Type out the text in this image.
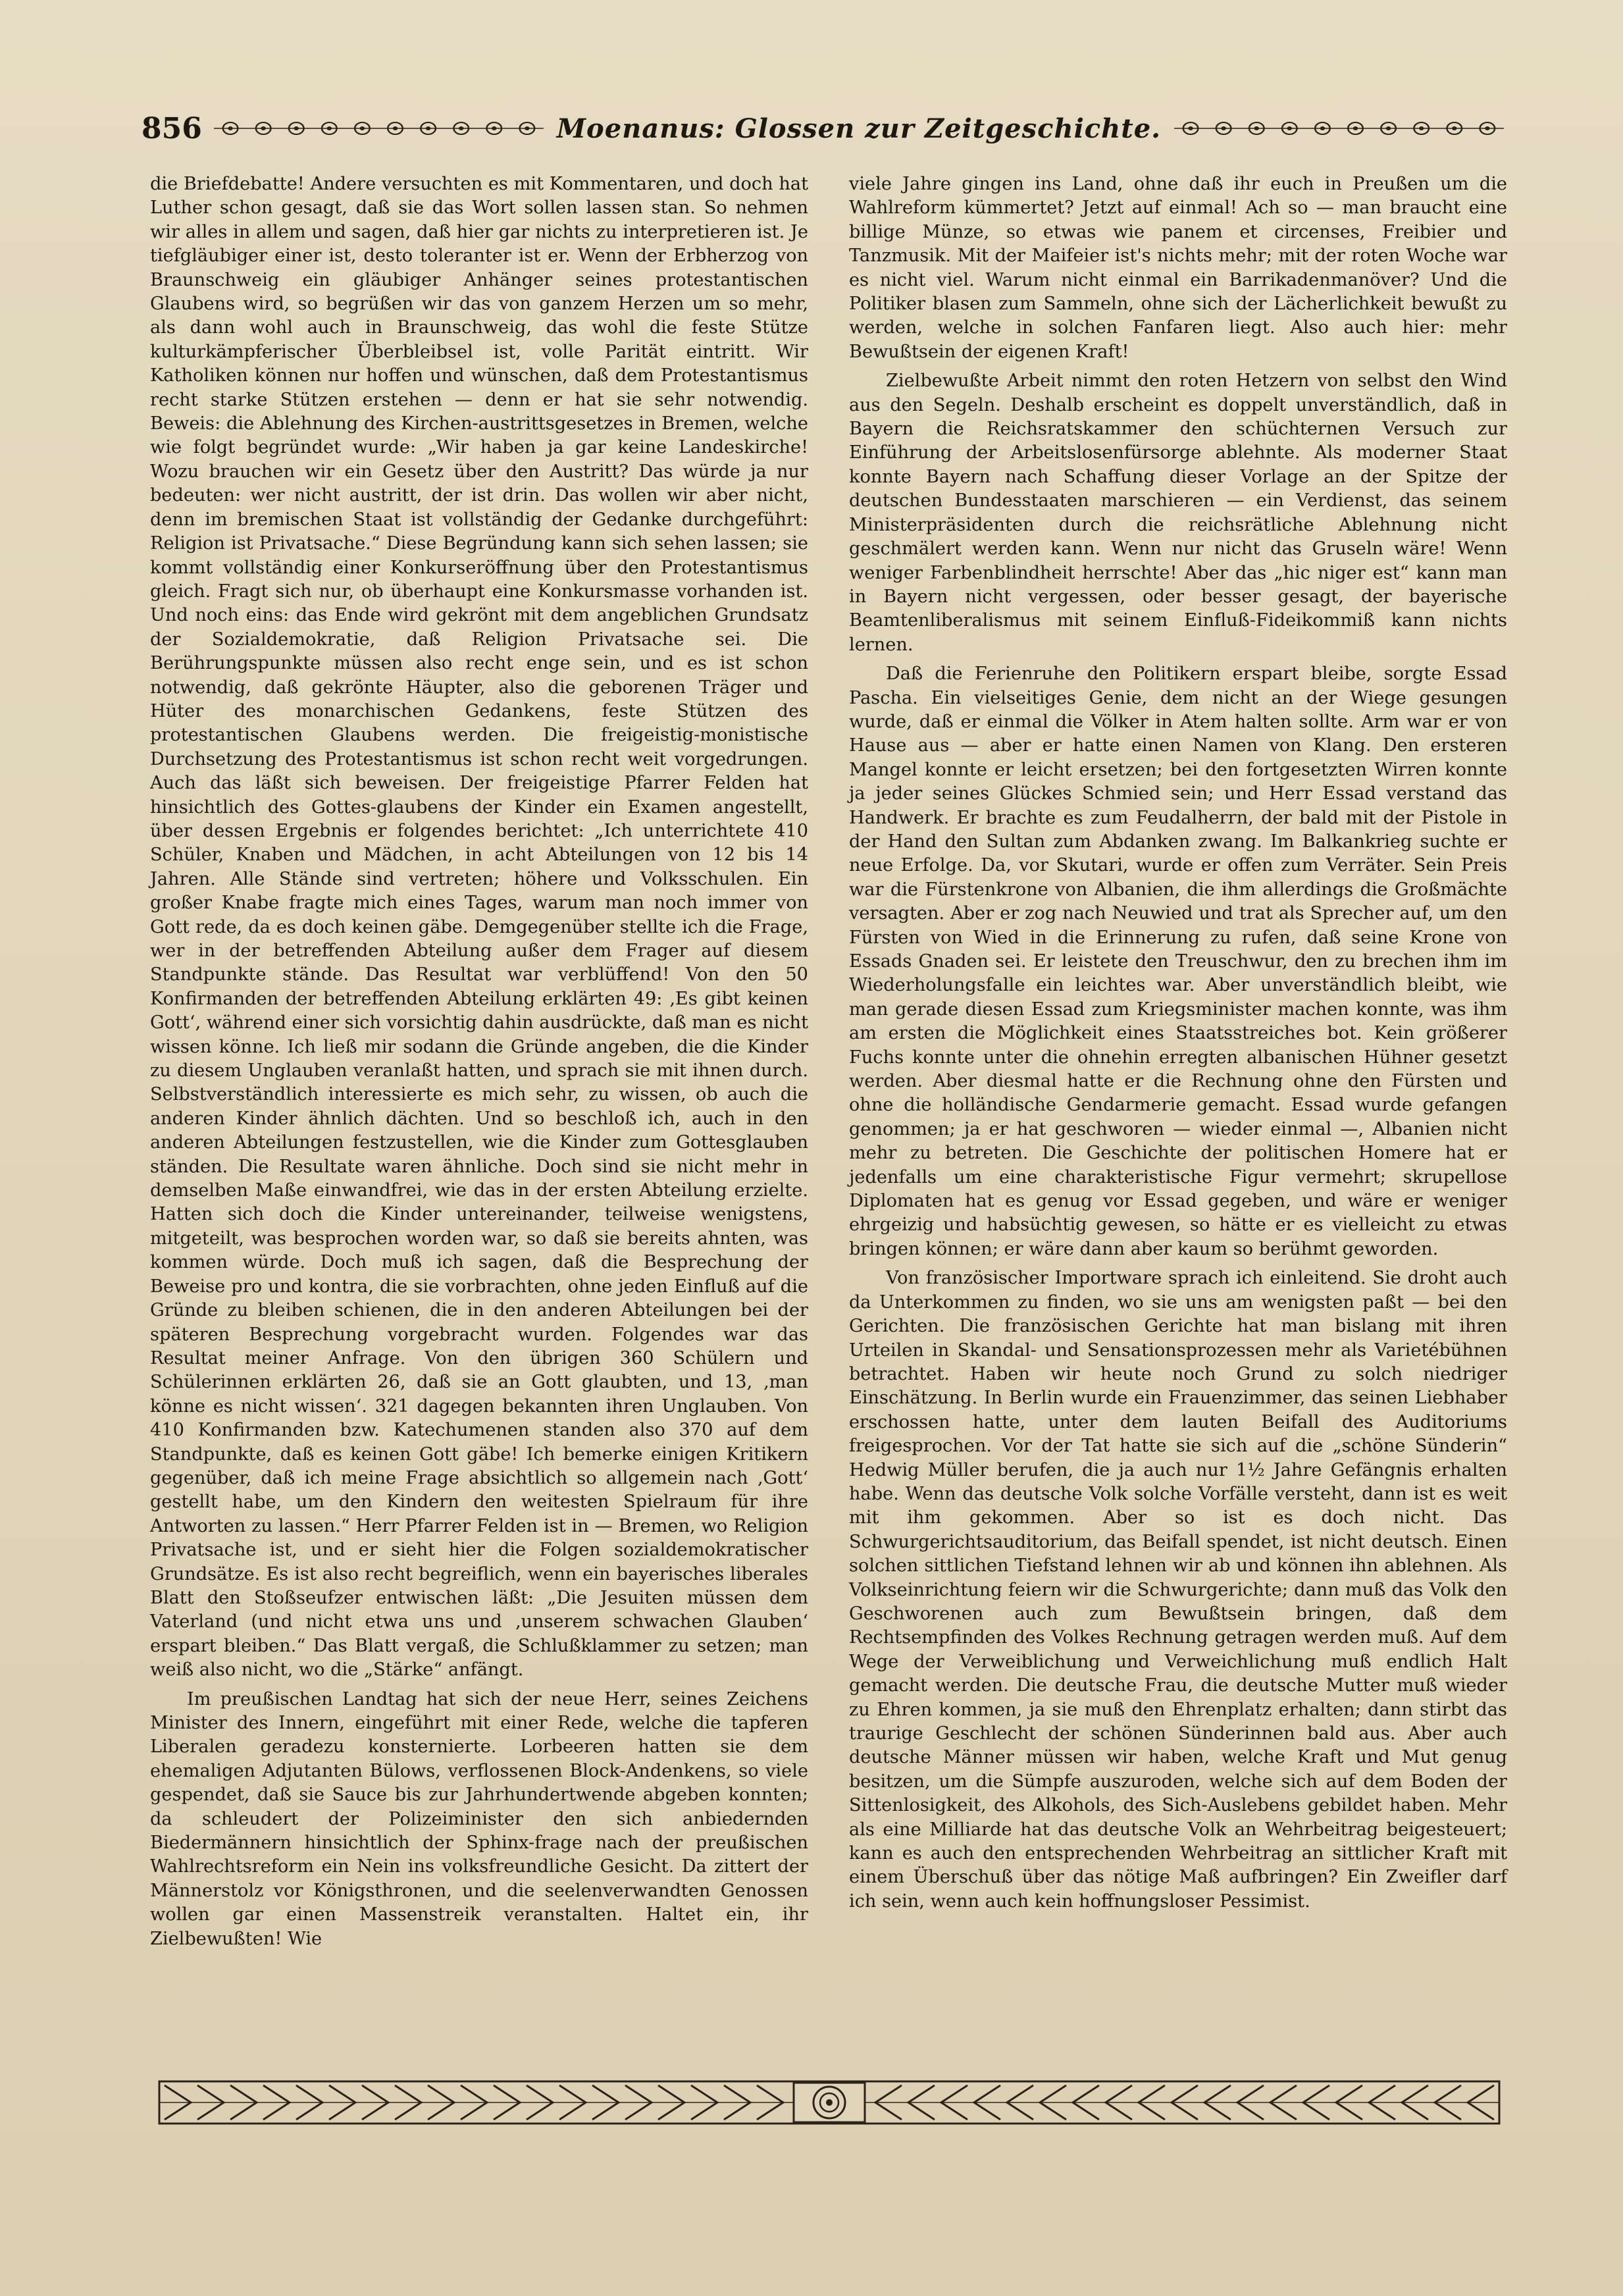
856	Moenanus: Glossen zur Zeitgeschichte.

die Briefdebatte! Andere versuchten es mit Kommentaren, und doch hat Luther schon gesagt, daß sie das Wort sollen lassen stan. So nehmen wir alles in allem und sagen, daß hier gar nichts zu interpretieren ist. Je tiefgläubiger einer ist, desto toleranter ist er. Wenn der Erbherzog von Braunschweig ein gläubiger Anhänger seines protestantischen Glaubens wird, so begrüßen wir das von ganzem Herzen um so mehr, als dann wohl auch in Braunschweig, das wohl die feste Stütze kulturkämpferischer Überbleibsel ist, volle Parität eintritt. Wir Katholiken können nur hoffen und wünschen, daß dem Protestantismus recht starke Stützen erstehen — denn er hat sie sehr notwendig. Beweis: die Ablehnung des Kirchen-austrittsgesetzes in Bremen, welche wie folgt begründet wurde: „Wir haben ja gar keine Landeskirche! Wozu brauchen wir ein Gesetz über den Austritt? Das würde ja nur bedeuten: wer nicht austritt, der ist drin. Das wollen wir aber nicht, denn im bremischen Staat ist vollständig der Gedanke durchgeführt: Religion ist Privatsache.“ Diese Begründung kann sich sehen lassen; sie kommt vollständig einer Konkurseröffnung über den Protestantismus gleich. Fragt sich nur, ob überhaupt eine Konkursmasse vorhanden ist. Und noch eins: das Ende wird gekrönt mit dem angeblichen Grundsatz der Sozialdemokratie, daß Religion Privatsache sei. Die Berührungspunkte müssen also recht enge sein, und es ist schon notwendig, daß gekrönte Häupter, also die geborenen Träger und Hüter des monarchischen Gedankens, feste Stützen des protestantischen Glaubens werden. Die freigeistig-monistische Durchsetzung des Protestantismus ist schon recht weit vorgedrungen. Auch das läßt sich beweisen. Der freigeistige Pfarrer Felden hat hinsichtlich des Gottes-glaubens der Kinder ein Examen angestellt, über dessen Ergebnis er folgendes berichtet: „Ich unterrichtete 410 Schüler, Knaben und Mädchen, in acht Abteilungen von 12 bis 14 Jahren. Alle Stände sind vertreten; höhere und Volksschulen. Ein großer Knabe fragte mich eines Tages, warum man noch immer von Gott rede, da es doch keinen gäbe. Demgegenüber stellte ich die Frage, wer in der betreffenden Abteilung außer dem Frager auf diesem Standpunkte stände. Das Resultat war verblüffend! Von den 50 Konfirmanden der betreffenden Abteilung erklärten 49: ‚Es gibt keinen Gott‘, während einer sich vorsichtig dahin ausdrückte, daß man es nicht wissen könne. Ich ließ mir sodann die Gründe angeben, die die Kinder zu diesem Unglauben veranlaßt hatten, und sprach sie mit ihnen durch. Selbstverständlich interessierte es mich sehr, zu wissen, ob auch die anderen Kinder ähnlich dächten. Und so beschloß ich, auch in den anderen Abteilungen festzustellen, wie die Kinder zum Gottesglauben ständen. Die Resultate waren ähnliche. Doch sind sie nicht mehr in demselben Maße einwandfrei, wie das in der ersten Abteilung erzielte. Hatten sich doch die Kinder untereinander, teilweise wenigstens, mitgeteilt, was besprochen worden war, so daß sie bereits ahnten, was kommen würde. Doch muß ich sagen, daß die Besprechung der Beweise pro und kontra, die sie vorbrachten, ohne jeden Einfluß auf die Gründe zu bleiben schienen, die in den anderen Abteilungen bei der späteren Besprechung vorgebracht wurden. Folgendes war das Resultat meiner Anfrage. Von den übrigen 360 Schülern und Schülerinnen erklärten 26, daß sie an Gott glaubten, und 13, ‚man könne es nicht wissen‘. 321 dagegen bekannten ihren Unglauben. Von 410 Konfirmanden bzw. Katechumenen standen also 370 auf dem Standpunkte, daß es keinen Gott gäbe! Ich bemerke einigen Kritikern gegenüber, daß ich meine Frage absichtlich so allgemein nach ‚Gott‘ gestellt habe, um den Kindern den weitesten Spielraum für ihre Antworten zu lassen.“ Herr Pfarrer Felden ist in — Bremen, wo Religion Privatsache ist, und er sieht hier die Folgen sozialdemokratischer Grundsätze. Es ist also recht begreiflich, wenn ein bayerisches liberales Blatt den Stoßseufzer entwischen läßt: „Die Jesuiten müssen dem Vaterland (und nicht etwa uns und ‚unserem schwachen Glauben‘ erspart bleiben.“ Das Blatt vergaß, die Schlußklammer zu setzen; man weiß also nicht, wo die „Stärke“ anfängt.

Im preußischen Landtag hat sich der neue Herr, seines Zeichens Minister des Innern, eingeführt mit einer Rede, welche die tapferen Liberalen geradezu konsternierte. Lorbeeren hatten sie dem ehemaligen Adjutanten Bülows, verflossenen Block-Andenkens, so viele gespendet, daß sie Sauce bis zur Jahrhundertwende abgeben konnten; da schleudert der Polizeiminister den sich anbiedernden Biedermännern hinsichtlich der Sphinx-frage nach der preußischen Wahlrechtsreform ein Nein ins volksfreundliche Gesicht. Da zittert der Männerstolz vor Königsthronen, und die seelenverwandten Genossen wollen gar einen Massenstreik veranstalten. Haltet ein, ihr Zielbewußten! Wie

viele Jahre gingen ins Land, ohne daß ihr euch in Preußen um die Wahlreform kümmertet? Jetzt auf einmal! Ach so — man braucht eine billige Münze, so etwas wie panem et circenses, Freibier und Tanzmusik. Mit der Maifeier ist's nichts mehr; mit der roten Woche war es nicht viel. Warum nicht einmal ein Barrikadenmanöver? Und die Politiker blasen zum Sammeln, ohne sich der Lächerlichkeit bewußt zu werden, welche in solchen Fanfaren liegt. Also auch hier: mehr Bewußtsein der eigenen Kraft!

Zielbewußte Arbeit nimmt den roten Hetzern von selbst den Wind aus den Segeln. Deshalb erscheint es doppelt unverständlich, daß in Bayern die Reichsratskammer den schüchternen Versuch zur Einführung der Arbeitslosenfürsorge ablehnte. Als moderner Staat konnte Bayern nach Schaffung dieser Vorlage an der Spitze der deutschen Bundesstaaten marschieren — ein Verdienst, das seinem Ministerpräsidenten durch die reichsrätliche Ablehnung nicht geschmälert werden kann. Wenn nur nicht das Gruseln wäre! Wenn weniger Farbenblindheit herrschte! Aber das „hic niger est“ kann man in Bayern nicht vergessen, oder besser gesagt, der bayerische Beamtenliberalismus mit seinem Einfluß-Fideikommiß kann nichts lernen.

Daß die Ferienruhe den Politikern erspart bleibe, sorgte Essad Pascha. Ein vielseitiges Genie, dem nicht an der Wiege gesungen wurde, daß er einmal die Völker in Atem halten sollte. Arm war er von Hause aus — aber er hatte einen Namen von Klang. Den ersteren Mangel konnte er leicht ersetzen; bei den fortgesetzten Wirren konnte ja jeder seines Glückes Schmied sein; und Herr Essad verstand das Handwerk. Er brachte es zum Feudalherrn, der bald mit der Pistole in der Hand den Sultan zum Abdanken zwang. Im Balkankrieg suchte er neue Erfolge. Da, vor Skutari, wurde er offen zum Verräter. Sein Preis war die Fürstenkrone von Albanien, die ihm allerdings die Großmächte versagten. Aber er zog nach Neuwied und trat als Sprecher auf, um den Fürsten von Wied in die Erinnerung zu rufen, daß seine Krone von Essads Gnaden sei. Er leistete den Treuschwur, den zu brechen ihm im Wiederholungsfalle ein leichtes war. Aber unverständlich bleibt, wie man gerade diesen Essad zum Kriegsminister machen konnte, was ihm am ersten die Möglichkeit eines Staatsstreiches bot. Kein größerer Fuchs konnte unter die ohnehin erregten albanischen Hühner gesetzt werden. Aber diesmal hatte er die Rechnung ohne den Fürsten und ohne die holländische Gendarmerie gemacht. Essad wurde gefangen genommen; ja er hat geschworen — wieder einmal —, Albanien nicht mehr zu betreten. Die Geschichte der politischen Homere hat er jedenfalls um eine charakteristische Figur vermehrt; skrupellose Diplomaten hat es genug vor Essad gegeben, und wäre er weniger ehrgeizig und habsüchtig gewesen, so hätte er es vielleicht zu etwas bringen können; er wäre dann aber kaum so berühmt geworden.

Von französischer Importware sprach ich einleitend. Sie droht auch da Unterkommen zu finden, wo sie uns am wenigsten paßt — bei den Gerichten. Die französischen Gerichte hat man bislang mit ihren Urteilen in Skandal- und Sensationsprozessen mehr als Varietébühnen betrachtet. Haben wir heute noch Grund zu solch niedriger Einschätzung. In Berlin wurde ein Frauenzimmer, das seinen Liebhaber erschossen hatte, unter dem lauten Beifall des Auditoriums freigesprochen. Vor der Tat hatte sie sich auf die „schöne Sünderin“ Hedwig Müller berufen, die ja auch nur 1½ Jahre Gefängnis erhalten habe. Wenn das deutsche Volk solche Vorfälle versteht, dann ist es weit mit ihm gekommen. Aber so ist es doch nicht. Das Schwurgerichtsauditorium, das Beifall spendet, ist nicht deutsch. Einen solchen sittlichen Tiefstand lehnen wir ab und können ihn ablehnen. Als Volkseinrichtung feiern wir die Schwurgerichte; dann muß das Volk den Geschworenen auch zum Bewußtsein bringen, daß dem Rechtsempfinden des Volkes Rechnung getragen werden muß. Auf dem Wege der Verweiblichung und Verweichlichung muß endlich Halt gemacht werden. Die deutsche Frau, die deutsche Mutter muß wieder zu Ehren kommen, ja sie muß den Ehrenplatz erhalten; dann stirbt das traurige Geschlecht der schönen Sünderinnen bald aus. Aber auch deutsche Männer müssen wir haben, welche Kraft und Mut genug besitzen, um die Sümpfe auszuroden, welche sich auf dem Boden der Sittenlosigkeit, des Alkohols, des Sich-Auslebens gebildet haben. Mehr als eine Milliarde hat das deutsche Volk an Wehrbeitrag beigesteuert; kann es auch den entsprechenden Wehrbeitrag an sittlicher Kraft mit einem Überschuß über das nötige Maß aufbringen? Ein Zweifler darf ich sein, wenn auch kein hoffnungsloser Pessimist.
